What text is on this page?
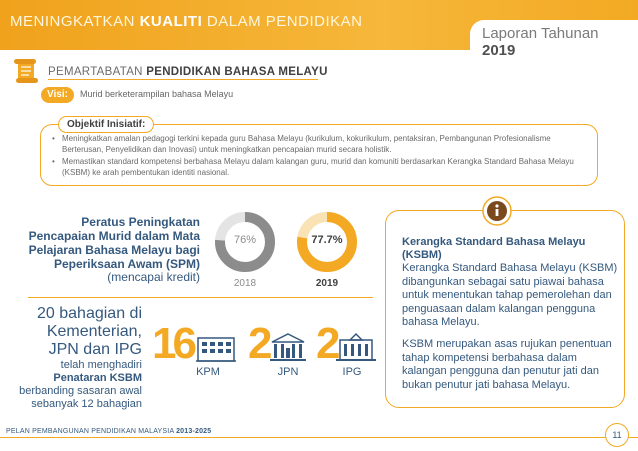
MENINGKATKAN KUALITI DALAM PENDIDIKAN
Laporan Tahunan 2019
PEMARTABATAN PENDIDIKAN BAHASA MELAYU
Visi:	Murid berketerampilan bahasa Melayu
Objektif Inisiatif:
• Meningkatkan amalan pedagogi terkini kepada guru Bahasa Melayu (kurikulum, kokurikulum, pentaksiran, Pembangunan Profesionalisme Berterusan, Penyelidikan dan Inovasi) untuk meningkatkan pencapaian murid secara holistik.
• Memastikan standard kompetensi berbahasa Melayu dalam kalangan guru, murid dan komuniti berdasarkan Kerangka Standard Bahasa Melayu (KSBM) ke arah pembentukan identiti nasional.
Peratus Peningkatan Pencapaian Murid dalam Mata Pelajaran Bahasa Melayu bagi Peperiksaan Awam (SPM)
(mencapai kredit)
76%
2018
77.7%
2019
20 bahagian di
Kementerian,
JPN dan IPG
telah menghadiri
Penataran KSBM
berbanding sasaran awal
sebanyak 12 bahagian
16
KPM
2
JPN
2
IPG
Kerangka Standard Bahasa Melayu (KSBM)
Kerangka Standard Bahasa Melayu (KSBM) dibangunkan sebagai satu piawai bahasa untuk menentukan tahap pemerolehan dan penguasaan dalam kalangan pengguna bahasa Melayu.
KSBM merupakan asas rujukan penentuan tahap kompetensi berbahasa dalam kalangan pengguna dan penutur jati dan bukan penutur jati bahasa Melayu.
PELAN PEMBANGUNAN PENDIDIKAN MALAYSIA 2013-2025	11
